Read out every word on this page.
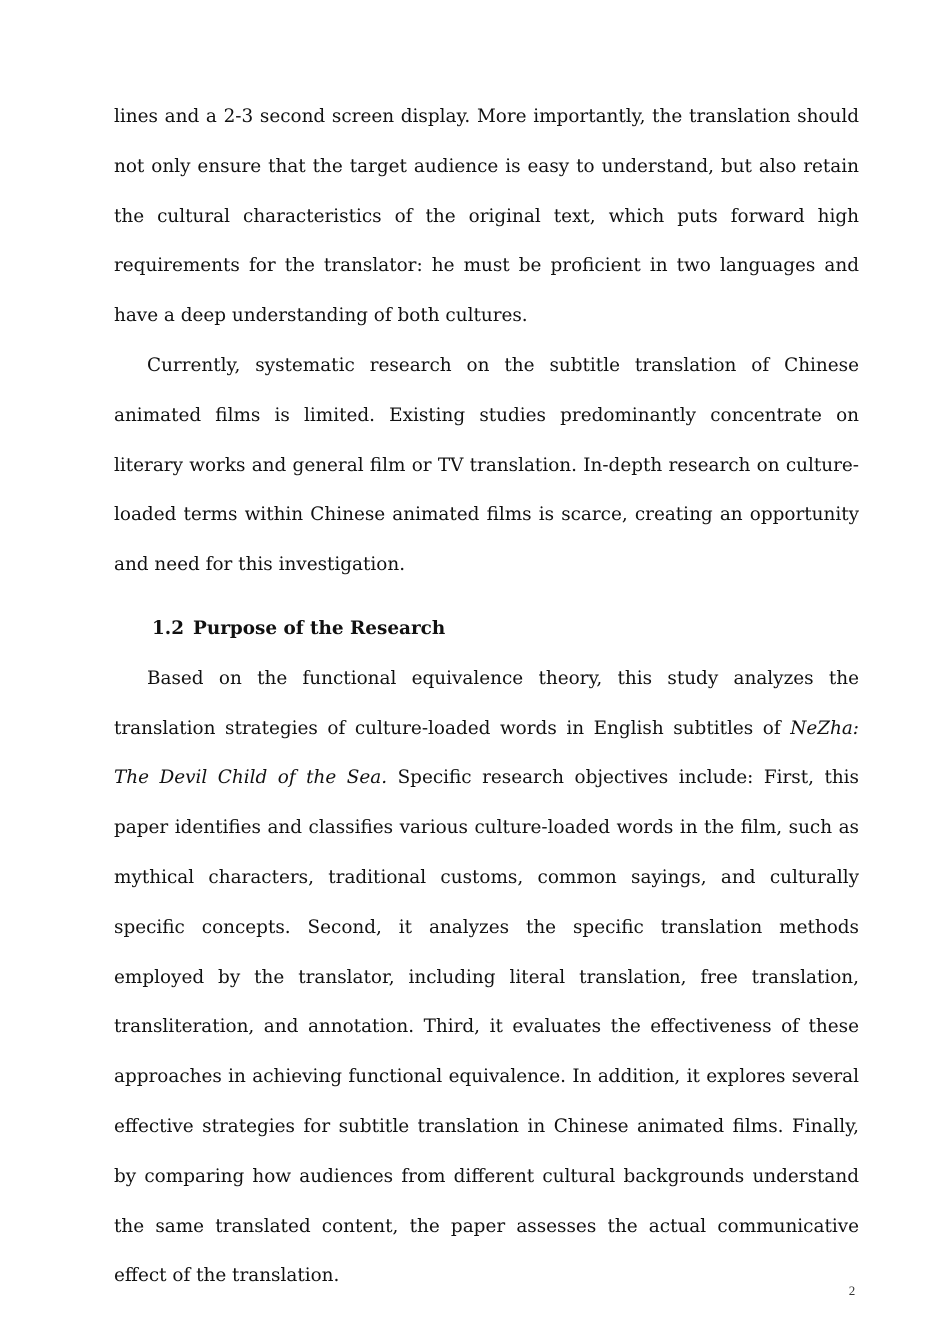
lines and a 2-3 second screen display. More importantly, the translation should not only ensure that the target audience is easy to understand, but also retain the cultural characteristics of the original text, which puts forward high requirements for the translator: he must be proficient in two languages and have a deep understanding of both cultures.

Currently, systematic research on the subtitle translation of Chinese animated films is limited. Existing studies predominantly concentrate on literary works and general film or TV translation. In-depth research on culture-loaded terms within Chinese animated films is scarce, creating an opportunity and need for this investigation.

1.2 Purpose of the Research

Based on the functional equivalence theory, this study analyzes the translation strategies of culture-loaded words in English subtitles of NeZha: The Devil Child of the Sea. Specific research objectives include: First, this paper identifies and classifies various culture-loaded words in the film, such as mythical characters, traditional customs, common sayings, and culturally specific concepts. Second, it analyzes the specific translation methods employed by the translator, including literal translation, free translation, transliteration, and annotation. Third, it evaluates the effectiveness of these approaches in achieving functional equivalence. In addition, it explores several effective strategies for subtitle translation in Chinese animated films. Finally, by comparing how audiences from different cultural backgrounds understand the same translated content, the paper assesses the actual communicative effect of the translation.

2
